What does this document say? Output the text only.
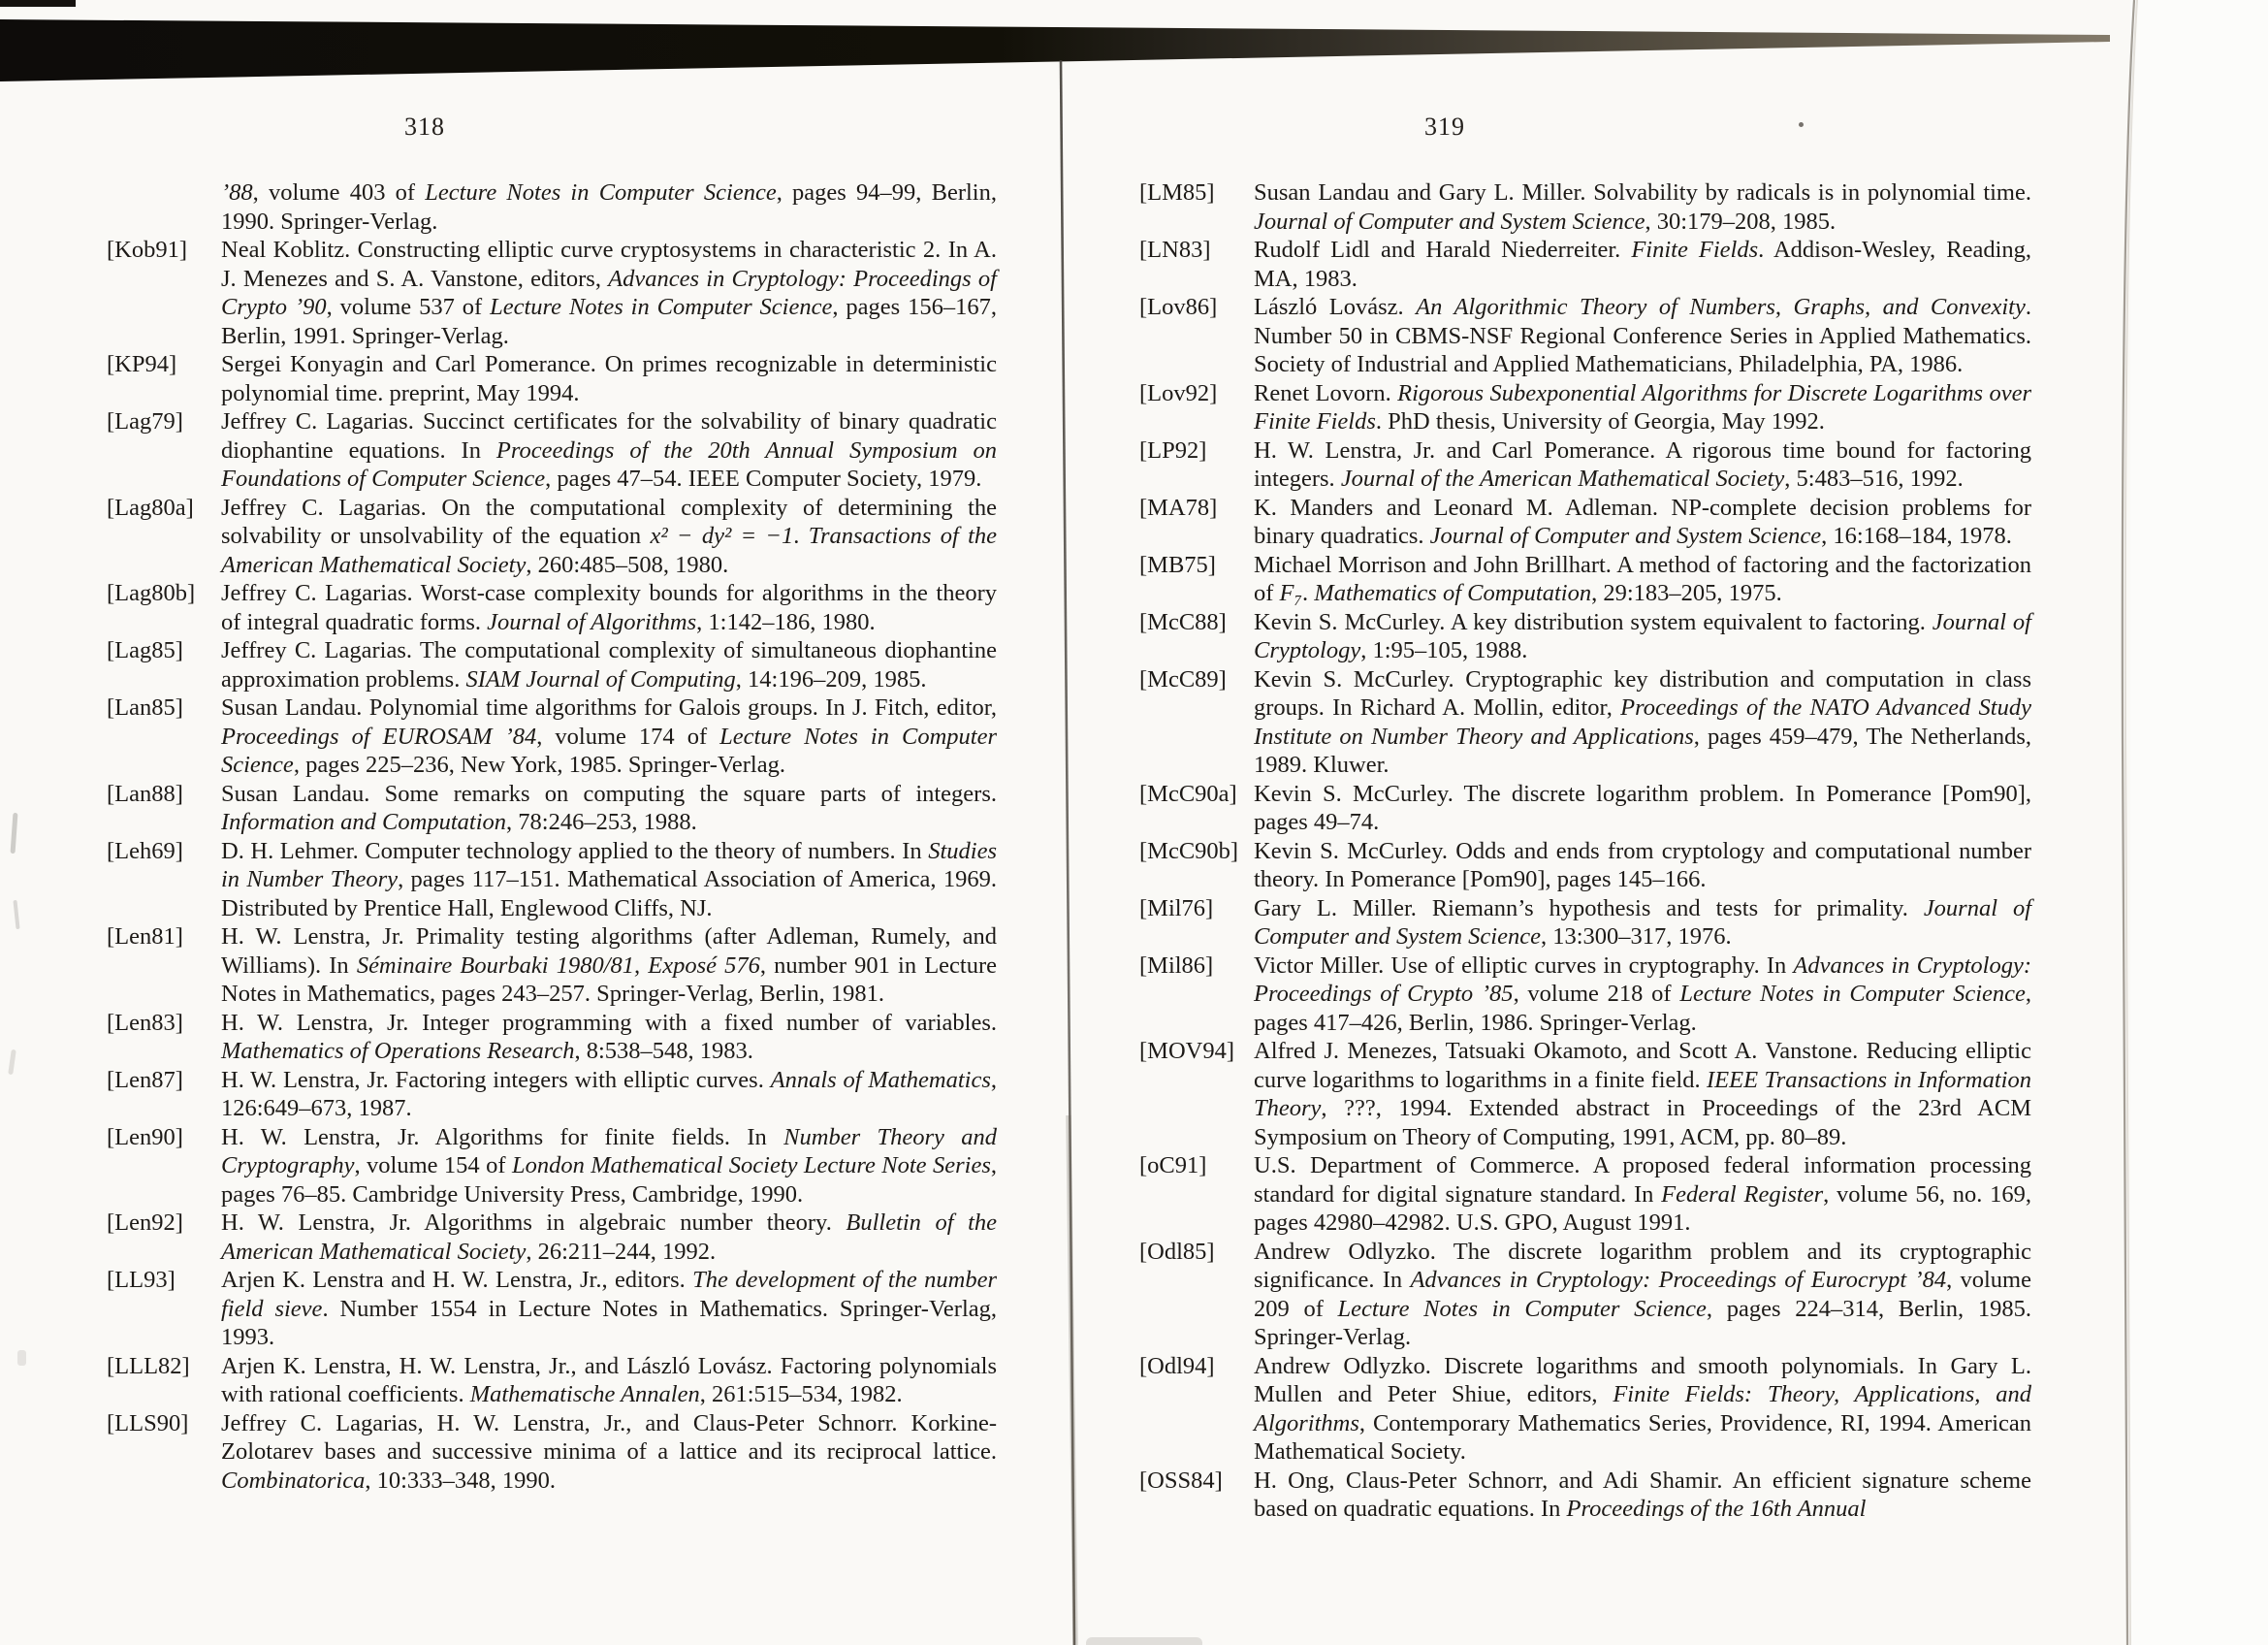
318	319
’88, volume 403 of Lecture Notes in Computer Science, pages 94–99, Berlin, 1990. Springer-Verlag.
[Kob91] Neal Koblitz. Constructing elliptic curve cryptosystems in characteristic 2. In A. J. Menezes and S. A. Vanstone, editors, Advances in Cryptology: Proceedings of Crypto ’90, volume 537 of Lecture Notes in Computer Science, pages 156–167, Berlin, 1991. Springer-Verlag.
[KP94] Sergei Konyagin and Carl Pomerance. On primes recognizable in deterministic polynomial time. preprint, May 1994.
[Lag79] Jeffrey C. Lagarias. Succinct certificates for the solvability of binary quadratic diophantine equations. In Proceedings of the 20th Annual Symposium on Foundations of Computer Science, pages 47–54. IEEE Computer Society, 1979.
[Lag80a] Jeffrey C. Lagarias. On the computational complexity of determining the solvability or unsolvability of the equation x² − dy² = −1. Transactions of the American Mathematical Society, 260:485–508, 1980.
[Lag80b] Jeffrey C. Lagarias. Worst-case complexity bounds for algorithms in the theory of integral quadratic forms. Journal of Algorithms, 1:142–186, 1980.
[Lag85] Jeffrey C. Lagarias. The computational complexity of simultaneous diophantine approximation problems. SIAM Journal of Computing, 14:196–209, 1985.
[Lan85] Susan Landau. Polynomial time algorithms for Galois groups. In J. Fitch, editor, Proceedings of EUROSAM ’84, volume 174 of Lecture Notes in Computer Science, pages 225–236, New York, 1985. Springer-Verlag.
[Lan88] Susan Landau. Some remarks on computing the square parts of integers. Information and Computation, 78:246–253, 1988.
[Leh69] D. H. Lehmer. Computer technology applied to the theory of numbers. In Studies in Number Theory, pages 117–151. Mathematical Association of America, 1969. Distributed by Prentice Hall, Englewood Cliffs, NJ.
[Len81] H. W. Lenstra, Jr. Primality testing algorithms (after Adleman, Rumely, and Williams). In Séminaire Bourbaki 1980/81, Exposé 576, number 901 in Lecture Notes in Mathematics, pages 243–257. Springer-Verlag, Berlin, 1981.
[Len83] H. W. Lenstra, Jr. Integer programming with a fixed number of variables. Mathematics of Operations Research, 8:538–548, 1983.
[Len87] H. W. Lenstra, Jr. Factoring integers with elliptic curves. Annals of Mathematics, 126:649–673, 1987.
[Len90] H. W. Lenstra, Jr. Algorithms for finite fields. In Number Theory and Cryptography, volume 154 of London Mathematical Society Lecture Note Series, pages 76–85. Cambridge University Press, Cambridge, 1990.
[Len92] H. W. Lenstra, Jr. Algorithms in algebraic number theory. Bulletin of the American Mathematical Society, 26:211–244, 1992.
[LL93] Arjen K. Lenstra and H. W. Lenstra, Jr., editors. The development of the number field sieve. Number 1554 in Lecture Notes in Mathematics. Springer-Verlag, 1993.
[LLL82] Arjen K. Lenstra, H. W. Lenstra, Jr., and László Lovász. Factoring polynomials with rational coefficients. Mathematische Annalen, 261:515–534, 1982.
[LLS90] Jeffrey C. Lagarias, H. W. Lenstra, Jr., and Claus-Peter Schnorr. Korkine-Zolotarev bases and successive minima of a lattice and its reciprocal lattice. Combinatorica, 10:333–348, 1990.
[LM85] Susan Landau and Gary L. Miller. Solvability by radicals is in polynomial time. Journal of Computer and System Science, 30:179–208, 1985.
[LN83] Rudolf Lidl and Harald Niederreiter. Finite Fields. Addison-Wesley, Reading, MA, 1983.
[Lov86] László Lovász. An Algorithmic Theory of Numbers, Graphs, and Convexity. Number 50 in CBMS-NSF Regional Conference Series in Applied Mathematics. Society of Industrial and Applied Mathematicians, Philadelphia, PA, 1986.
[Lov92] Renet Lovorn. Rigorous Subexponential Algorithms for Discrete Logarithms over Finite Fields. PhD thesis, University of Georgia, May 1992.
[LP92] H. W. Lenstra, Jr. and Carl Pomerance. A rigorous time bound for factoring integers. Journal of the American Mathematical Society, 5:483–516, 1992.
[MA78] K. Manders and Leonard M. Adleman. NP-complete decision problems for binary quadratics. Journal of Computer and System Science, 16:168–184, 1978.
[MB75] Michael Morrison and John Brillhart. A method of factoring and the factorization of F₇. Mathematics of Computation, 29:183–205, 1975.
[McC88] Kevin S. McCurley. A key distribution system equivalent to factoring. Journal of Cryptology, 1:95–105, 1988.
[McC89] Kevin S. McCurley. Cryptographic key distribution and computation in class groups. In Richard A. Mollin, editor, Proceedings of the NATO Advanced Study Institute on Number Theory and Applications, pages 459–479, The Netherlands, 1989. Kluwer.
[McC90a] Kevin S. McCurley. The discrete logarithm problem. In Pomerance [Pom90], pages 49–74.
[McC90b] Kevin S. McCurley. Odds and ends from cryptology and computational number theory. In Pomerance [Pom90], pages 145–166.
[Mil76] Gary L. Miller. Riemann’s hypothesis and tests for primality. Journal of Computer and System Science, 13:300–317, 1976.
[Mil86] Victor Miller. Use of elliptic curves in cryptography. In Advances in Cryptology: Proceedings of Crypto ’85, volume 218 of Lecture Notes in Computer Science, pages 417–426, Berlin, 1986. Springer-Verlag.
[MOV94] Alfred J. Menezes, Tatsuaki Okamoto, and Scott A. Vanstone. Reducing elliptic curve logarithms to logarithms in a finite field. IEEE Transactions in Information Theory, ???, 1994. Extended abstract in Proceedings of the 23rd ACM Symposium on Theory of Computing, 1991, ACM, pp. 80–89.
[oC91] U.S. Department of Commerce. A proposed federal information processing standard for digital signature standard. In Federal Register, volume 56, no. 169, pages 42980–42982. U.S. GPO, August 1991.
[Odl85] Andrew Odlyzko. The discrete logarithm problem and its cryptographic significance. In Advances in Cryptology: Proceedings of Eurocrypt ’84, volume 209 of Lecture Notes in Computer Science, pages 224–314, Berlin, 1985. Springer-Verlag.
[Odl94] Andrew Odlyzko. Discrete logarithms and smooth polynomials. In Gary L. Mullen and Peter Shiue, editors, Finite Fields: Theory, Applications, and Algorithms, Contemporary Mathematics Series, Providence, RI, 1994. American Mathematical Society.
[OSS84] H. Ong, Claus-Peter Schnorr, and Adi Shamir. An efficient signature scheme based on quadratic equations. In Proceedings of the 16th Annual
